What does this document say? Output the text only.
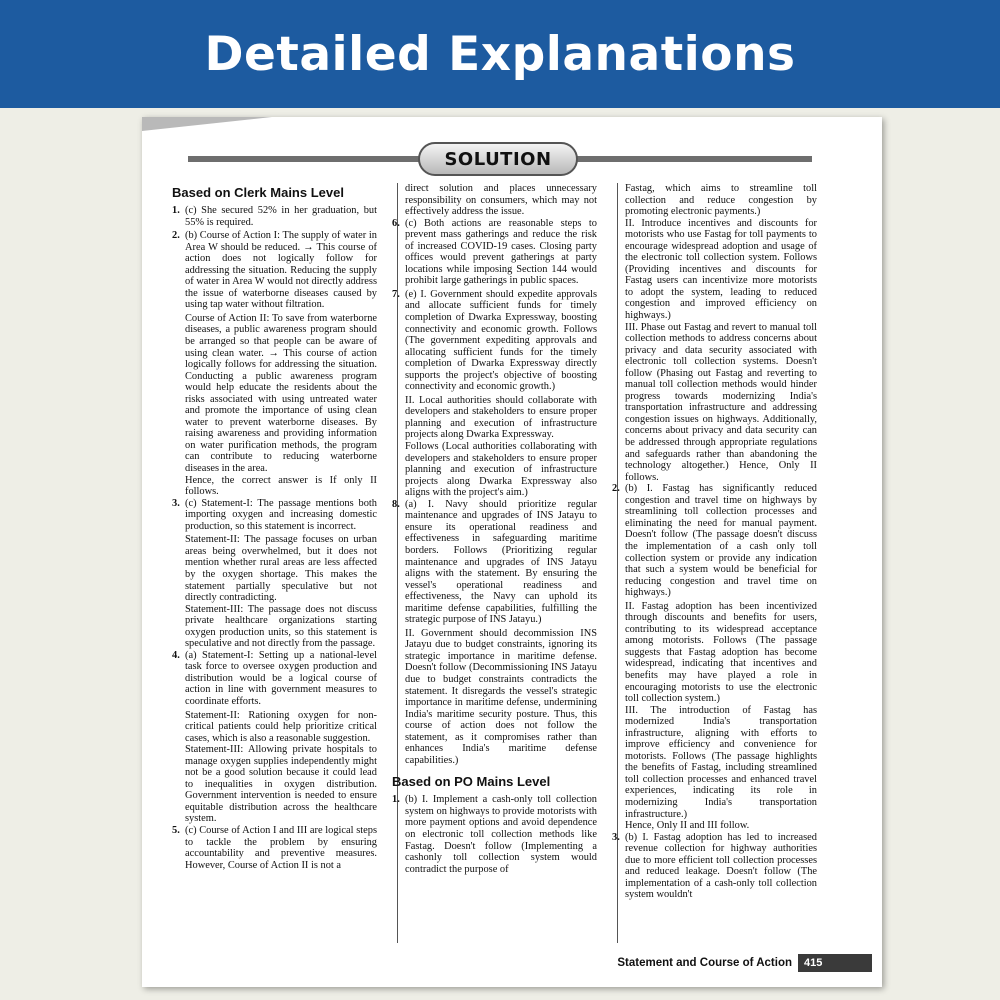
Detailed Explanations
SOLUTION
Based on Clerk Mains Level
1. (c) She secured 52% in her graduation, but 55% is required.
2. (b) Course of Action I: The supply of water in Area W should be reduced. → This course of action does not logically follow for addressing the situation. Reducing the supply of water in Area W would not directly address the issue of waterborne diseases caused by using tap water without filtration.

Course of Action II: To save from waterborne diseases, a public awareness program should be arranged so that people can be aware of using clean water. → This course of action logically follows for addressing the situation. Conducting a public awareness program would help educate the residents about the risks associated with using untreated water and promote the importance of using clean water to prevent waterborne diseases. By raising awareness and providing information on water purification methods, the program can contribute to reducing waterborne diseases in the area.

Hence, the correct answer is If only II follows.

3. (c) Statement-I: The passage mentions both importing oxygen and increasing domestic production, so this statement is incorrect.

Statement-II: The passage focuses on urban areas being overwhelmed, but it does not mention whether rural areas are less affected by the oxygen shortage. This makes the statement partially speculative but not directly contradicting.

Statement-III: The passage does not discuss private healthcare organizations starting oxygen production units, so this statement is speculative and not directly from the passage.

4. (a) Statement-I: Setting up a national-level task force to oversee oxygen production and distribution would be a logical course of action in line with government measures to coordinate efforts.

Statement-II: Rationing oxygen for non-critical patients could help prioritize critical cases, which is also a reasonable suggestion.

Statement-III: Allowing private hospitals to manage oxygen supplies independently might not be a good solution because it could lead to inequalities in oxygen distribution. Government intervention is needed to ensure equitable distribution across the healthcare system.

5. (c) Course of Action I and III are logical steps to tackle the problem by ensuring accountability and preventive measures. However, Course of Action II is not a

direct solution and places unnecessary responsibility on consumers, which may not effectively address the issue.

6. (c) Both actions are reasonable steps to prevent mass gatherings and reduce the risk of increased COVID-19 cases. Closing party offices would prevent gatherings at party locations while imposing Section 144 would prohibit large gatherings in public spaces.
7. (e) I. Government should expedite approvals and allocate sufficient funds for timely completion of Dwarka Expressway, boosting connectivity and economic growth. Follows (The government expediting approvals and allocating sufficient funds for the timely completion of Dwarka Expressway directly supports the project's objective of boosting connectivity and economic growth.)

II. Local authorities should collaborate with developers and stakeholders to ensure proper planning and execution of infrastructure projects along Dwarka Expressway.

Follows (Local authorities collaborating with developers and stakeholders to ensure proper planning and execution of infrastructure projects along Dwarka Expressway also aligns with the project's aim.)

8. (a) I. Navy should prioritize regular maintenance and upgrades of INS Jatayu to ensure its operational readiness and effectiveness in safeguarding maritime borders. Follows (Prioritizing regular maintenance and upgrades of INS Jatayu aligns with the statement. By ensuring the vessel's operational readiness and effectiveness, the Navy can uphold its maritime defense capabilities, fulfilling the strategic purpose of INS Jatayu.)

II. Government should decommission INS Jatayu due to budget constraints, ignoring its strategic importance in maritime defense. Doesn't follow (Decommissioning INS Jatayu due to budget constraints contradicts the statement. It disregards the vessel's strategic importance in maritime defense, undermining India's maritime security posture. Thus, this course of action does not follow the statement, as it compromises rather than enhances India's maritime defense capabilities.)

Based on PO Mains Level
1. (b) I. Implement a cash-only toll collection system on highways to provide motorists with more payment options and avoid dependence on electronic toll collection methods like Fastag. Doesn't follow (Implementing a cashonly toll collection system would contradict the purpose of

Fastag, which aims to streamline toll collection and reduce congestion by promoting electronic payments.)

II. Introduce incentives and discounts for motorists who use Fastag for toll payments to encourage widespread adoption and usage of the electronic toll collection system. Follows (Providing incentives and discounts for Fastag users can incentivize more motorists to adopt the system, leading to reduced congestion and improved efficiency on highways.)

III. Phase out Fastag and revert to manual toll collection methods to address concerns about privacy and data security associated with electronic toll collection systems. Doesn't follow (Phasing out Fastag and reverting to manual toll collection methods would hinder progress towards modernizing India's transportation infrastructure and addressing congestion issues on highways. Additionally, concerns about privacy and data security can be addressed through appropriate regulations and safeguards rather than abandoning the technology altogether.) Hence, Only II follows.

2. (b) I. Fastag has significantly reduced congestion and travel time on highways by streamlining toll collection processes and eliminating the need for manual payment. Doesn't follow (The passage doesn't discuss the implementation of a cash only toll collection system or provide any indication that such a system would be beneficial for reducing congestion and travel time on highways.)

II. Fastag adoption has been incentivized through discounts and benefits for users, contributing to its widespread acceptance among motorists. Follows (The passage suggests that Fastag adoption has become widespread, indicating that incentives and benefits may have played a role in encouraging motorists to use the electronic toll collection system.)

III. The introduction of Fastag has modernized India's transportation infrastructure, aligning with efforts to improve efficiency and convenience for motorists. Follows (The passage highlights the benefits of Fastag, including streamlined toll collection processes and enhanced travel experiences, indicating its role in modernizing India's transportation infrastructure.)

Hence, Only II and III follow.

3. (b) I. Fastag adoption has led to increased revenue collection for highway authorities due to more efficient toll collection processes and reduced leakage. Doesn't follow (The implementation of a cash-only toll collection system wouldn't
Statement and Course of Action	415
